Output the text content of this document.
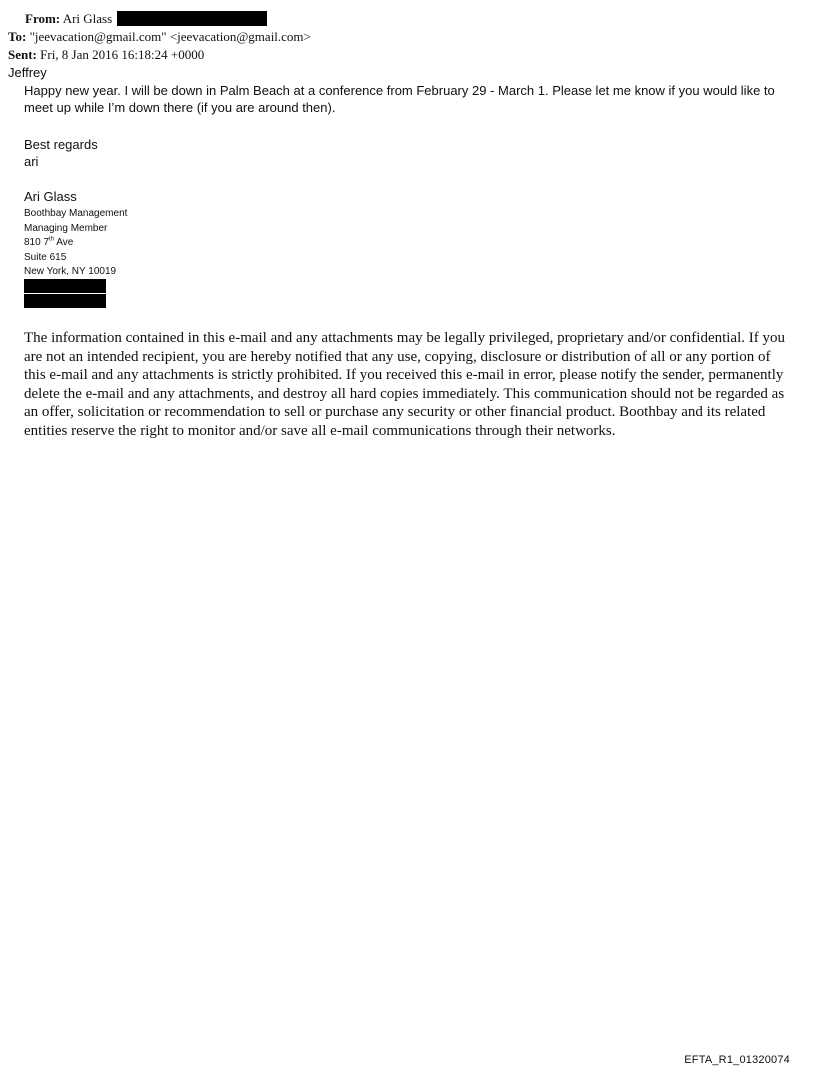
From: Ari Glass
To: "jeevacation@gmail.com" <jeevacation@gmail.com>
Sent: Fri, 8 Jan 2016 16:18:24 +0000
Jeffrey
Happy new year. I will be down in Palm Beach at a conference from February 29 - March 1. Please let me know if you would like to meet up while I’m down there (if you are around then).
Best regards
ari
Ari Glass
Boothbay Management
Managing Member
810 7th Ave
Suite 615
New York, NY 10019
The information contained in this e-mail and any attachments may be legally privileged, proprietary and/or confidential. If you are not an intended recipient, you are hereby notified that any use, copying, disclosure or distribution of all or any portion of this e-mail and any attachments is strictly prohibited. If you received this e-mail in error, please notify the sender, permanently delete the e-mail and any attachments, and destroy all hard copies immediately. This communication should not be regarded as an offer, solicitation or recommendation to sell or purchase any security or other financial product. Boothbay and its related entities reserve the right to monitor and/or save all e-mail communications through their networks.
EFTA_R1_01320074
